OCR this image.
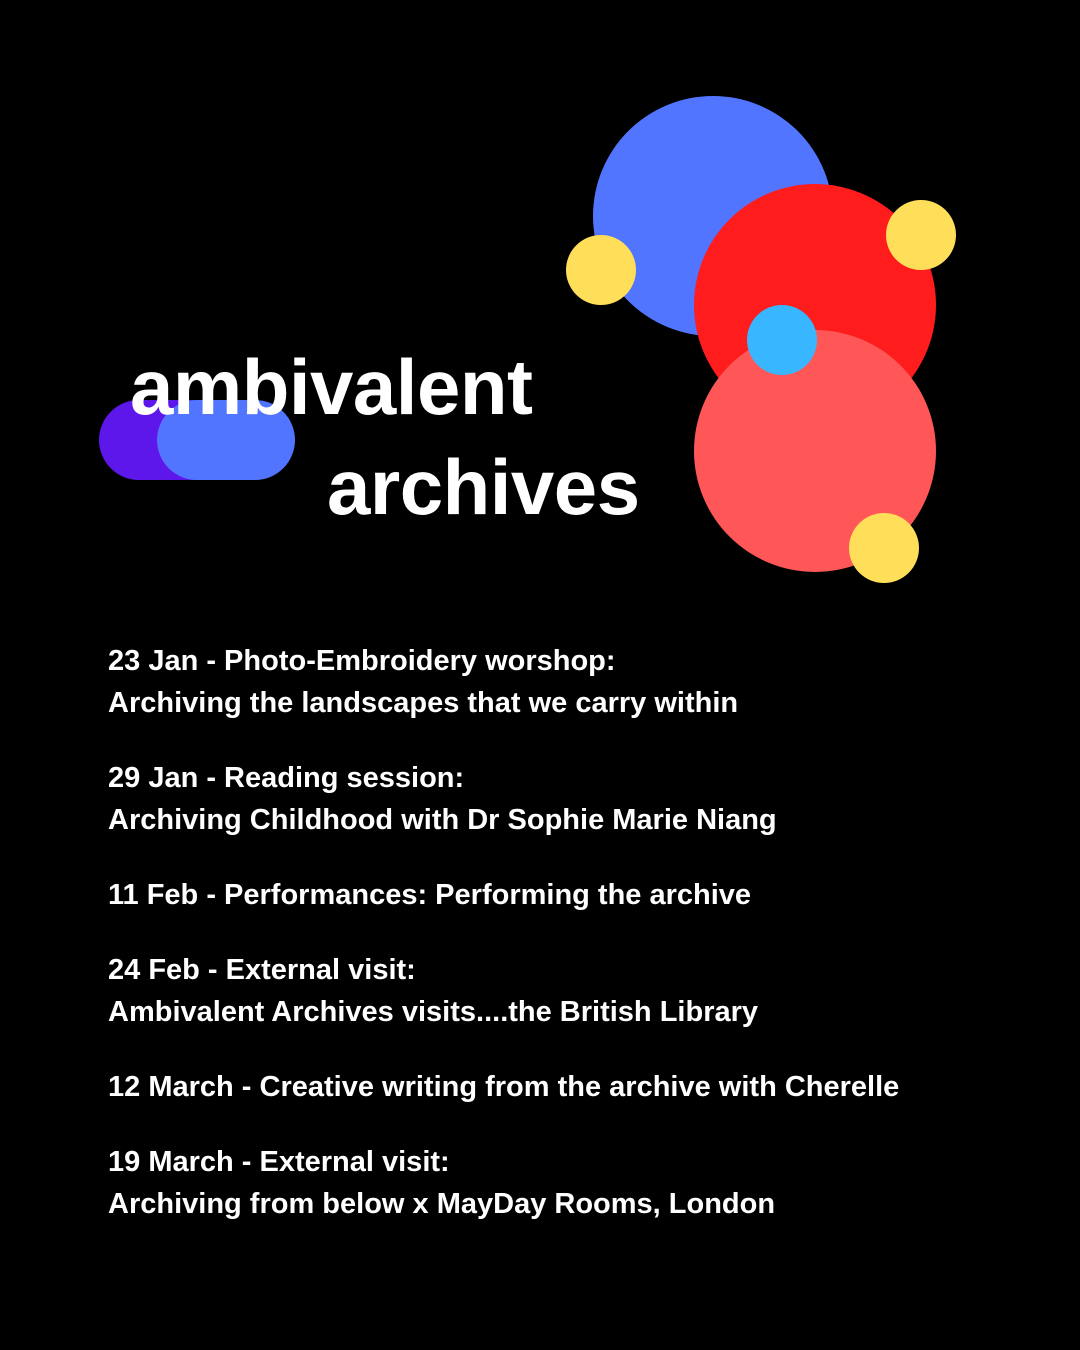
ambivalent
archives
23 Jan - Photo-Embroidery worshop:
Archiving the landscapes that we carry within
29 Jan - Reading session:
Archiving Childhood with Dr Sophie Marie Niang
11 Feb - Performances: Performing the archive
24 Feb - External visit:
Ambivalent Archives visits....the British Library
12 March - Creative writing from the archive with Cherelle
19 March - External visit:
Archiving from below x MayDay Rooms, London
